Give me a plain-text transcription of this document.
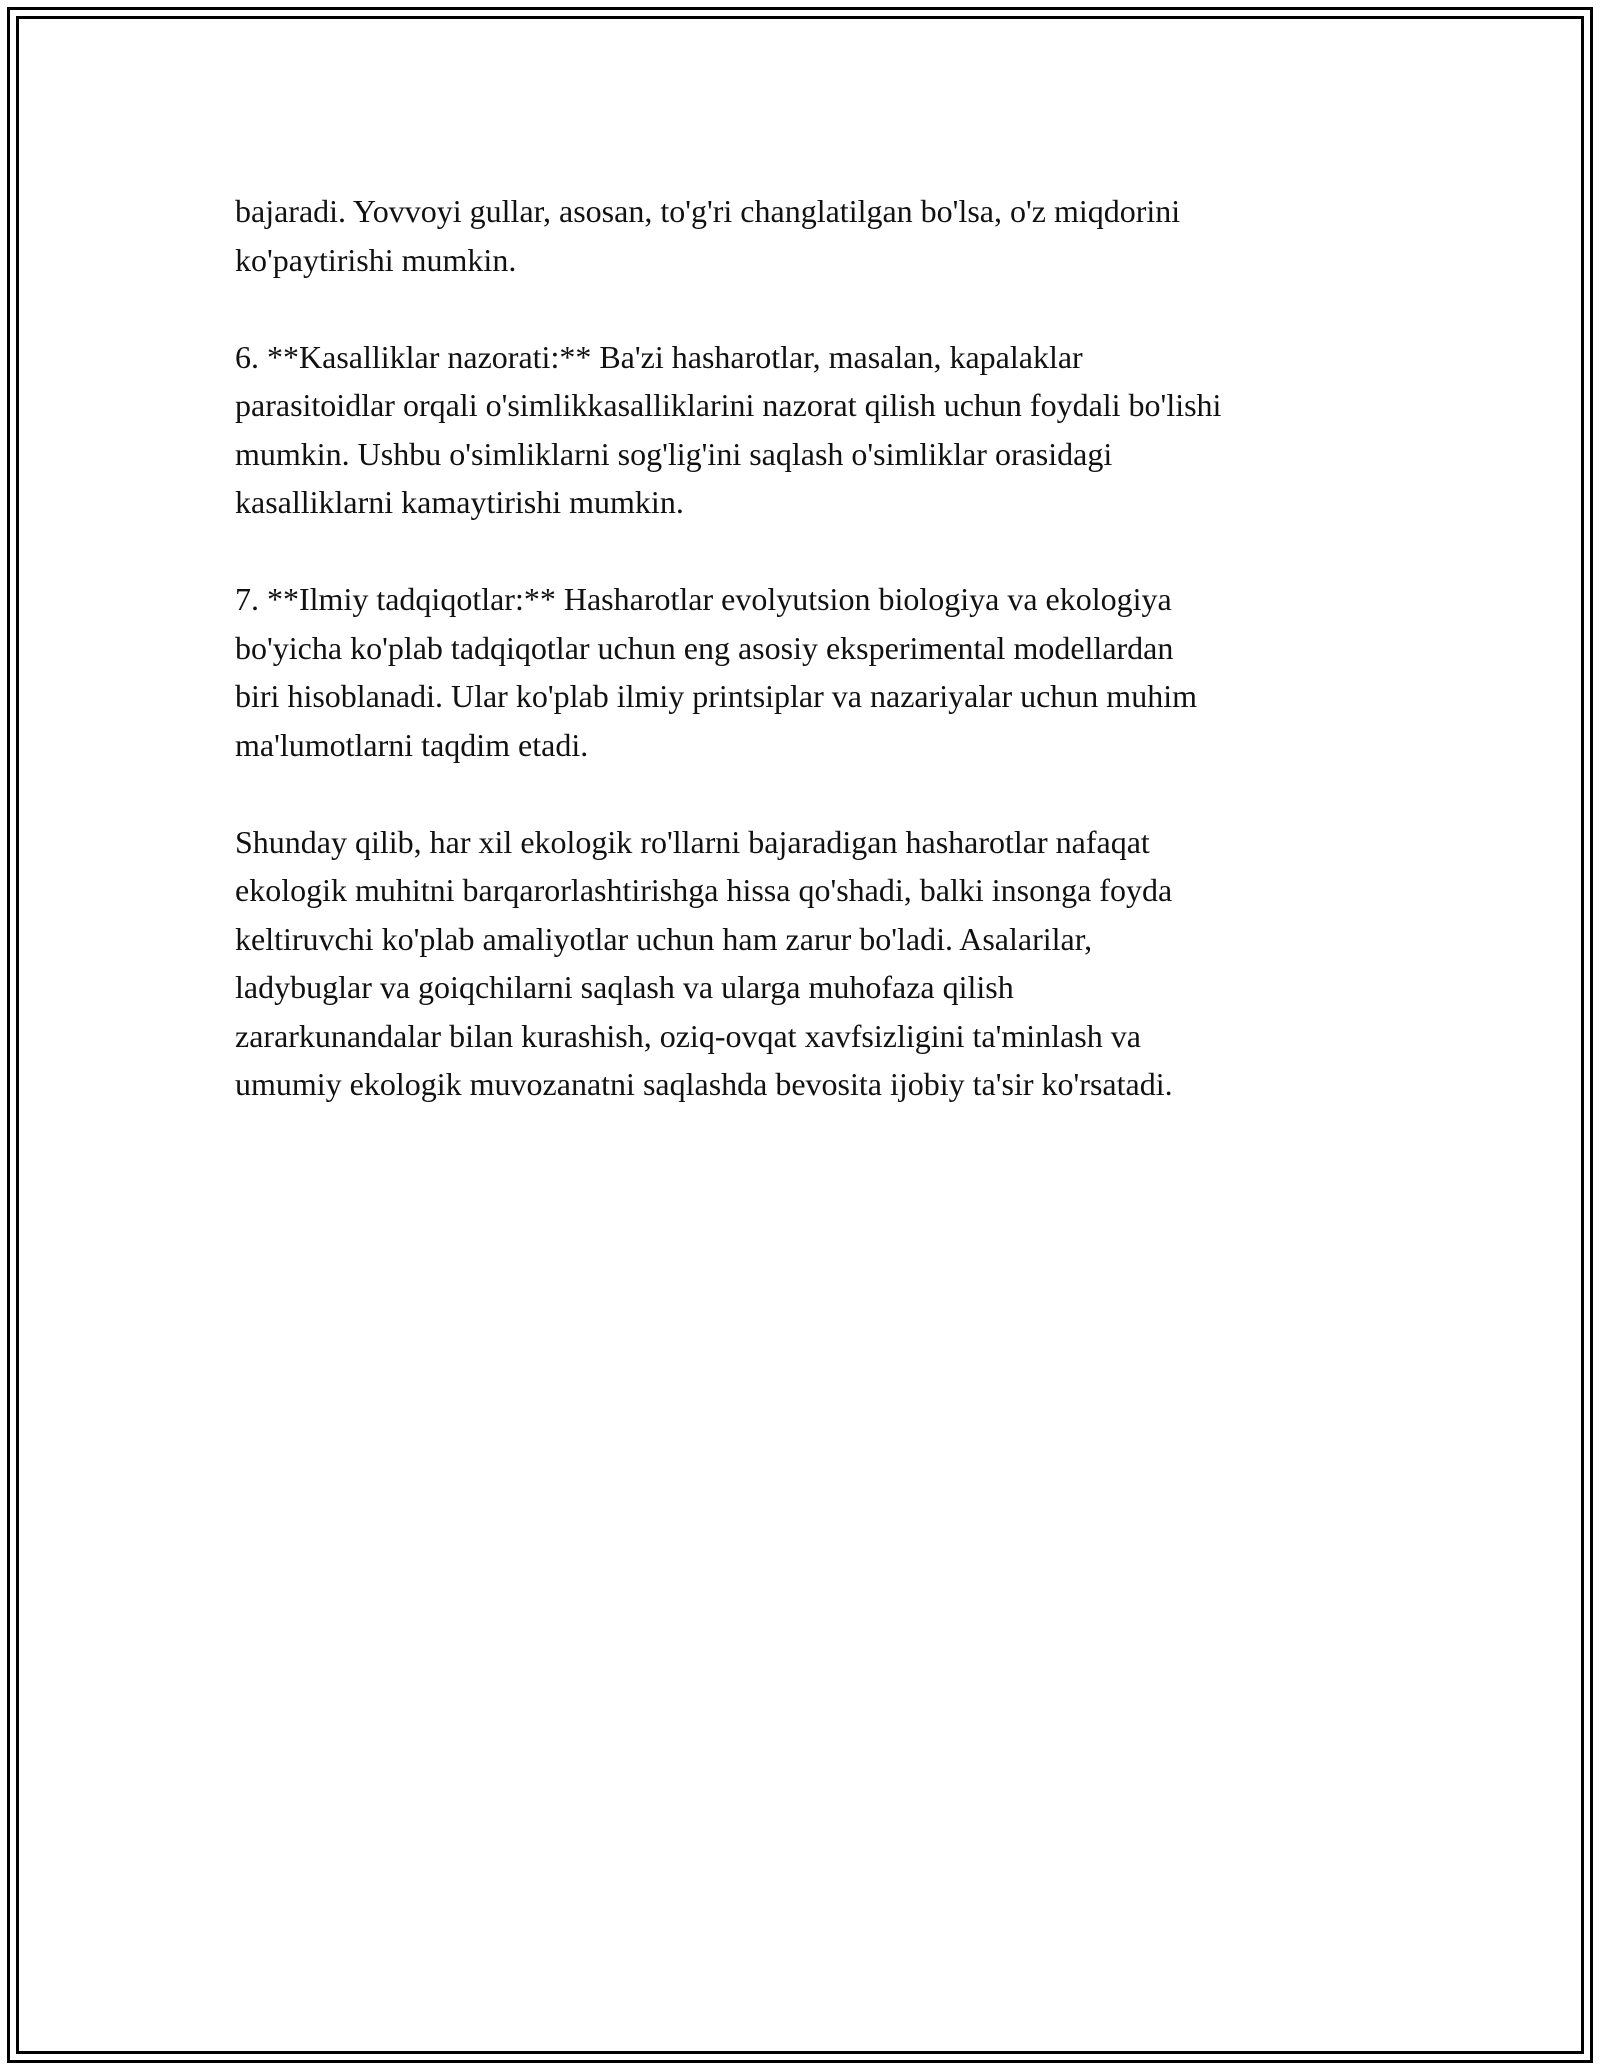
bajaradi. Yovvoyi gullar, asosan, to'g'ri changlatilgan bo'lsa, o'z miqdorini
ko'paytirishi mumkin.

6. **Kasalliklar nazorati:** Ba'zi hasharotlar, masalan, kapalaklar
parasitoidlar orqali o'simlikkasalliklarini nazorat qilish uchun foydali bo'lishi
mumkin. Ushbu o'simliklarni sog'lig'ini saqlash o'simliklar orasidagi
kasalliklarni kamaytirishi mumkin.

7. **Ilmiy tadqiqotlar:** Hasharotlar evolyutsion biologiya va ekologiya
bo'yicha ko'plab tadqiqotlar uchun eng asosiy eksperimental modellardan
biri hisoblanadi. Ular ko'plab ilmiy printsiplar va nazariyalar uchun muhim
ma'lumotlarni taqdim etadi.

Shunday qilib, har xil ekologik ro'llarni bajaradigan hasharotlar nafaqat
ekologik muhitni barqarorlashtirishga hissa qo'shadi, balki insonga foyda
keltiruvchi ko'plab amaliyotlar uchun ham zarur bo'ladi. Asalarilar,
ladybuglar va goiqchilarni saqlash va ularga muhofaza qilish
zararkunandalar bilan kurashish, oziq-ovqat xavfsizligini ta'minlash va
umumiy ekologik muvozanatni saqlashda bevosita ijobiy ta'sir ko'rsatadi.
